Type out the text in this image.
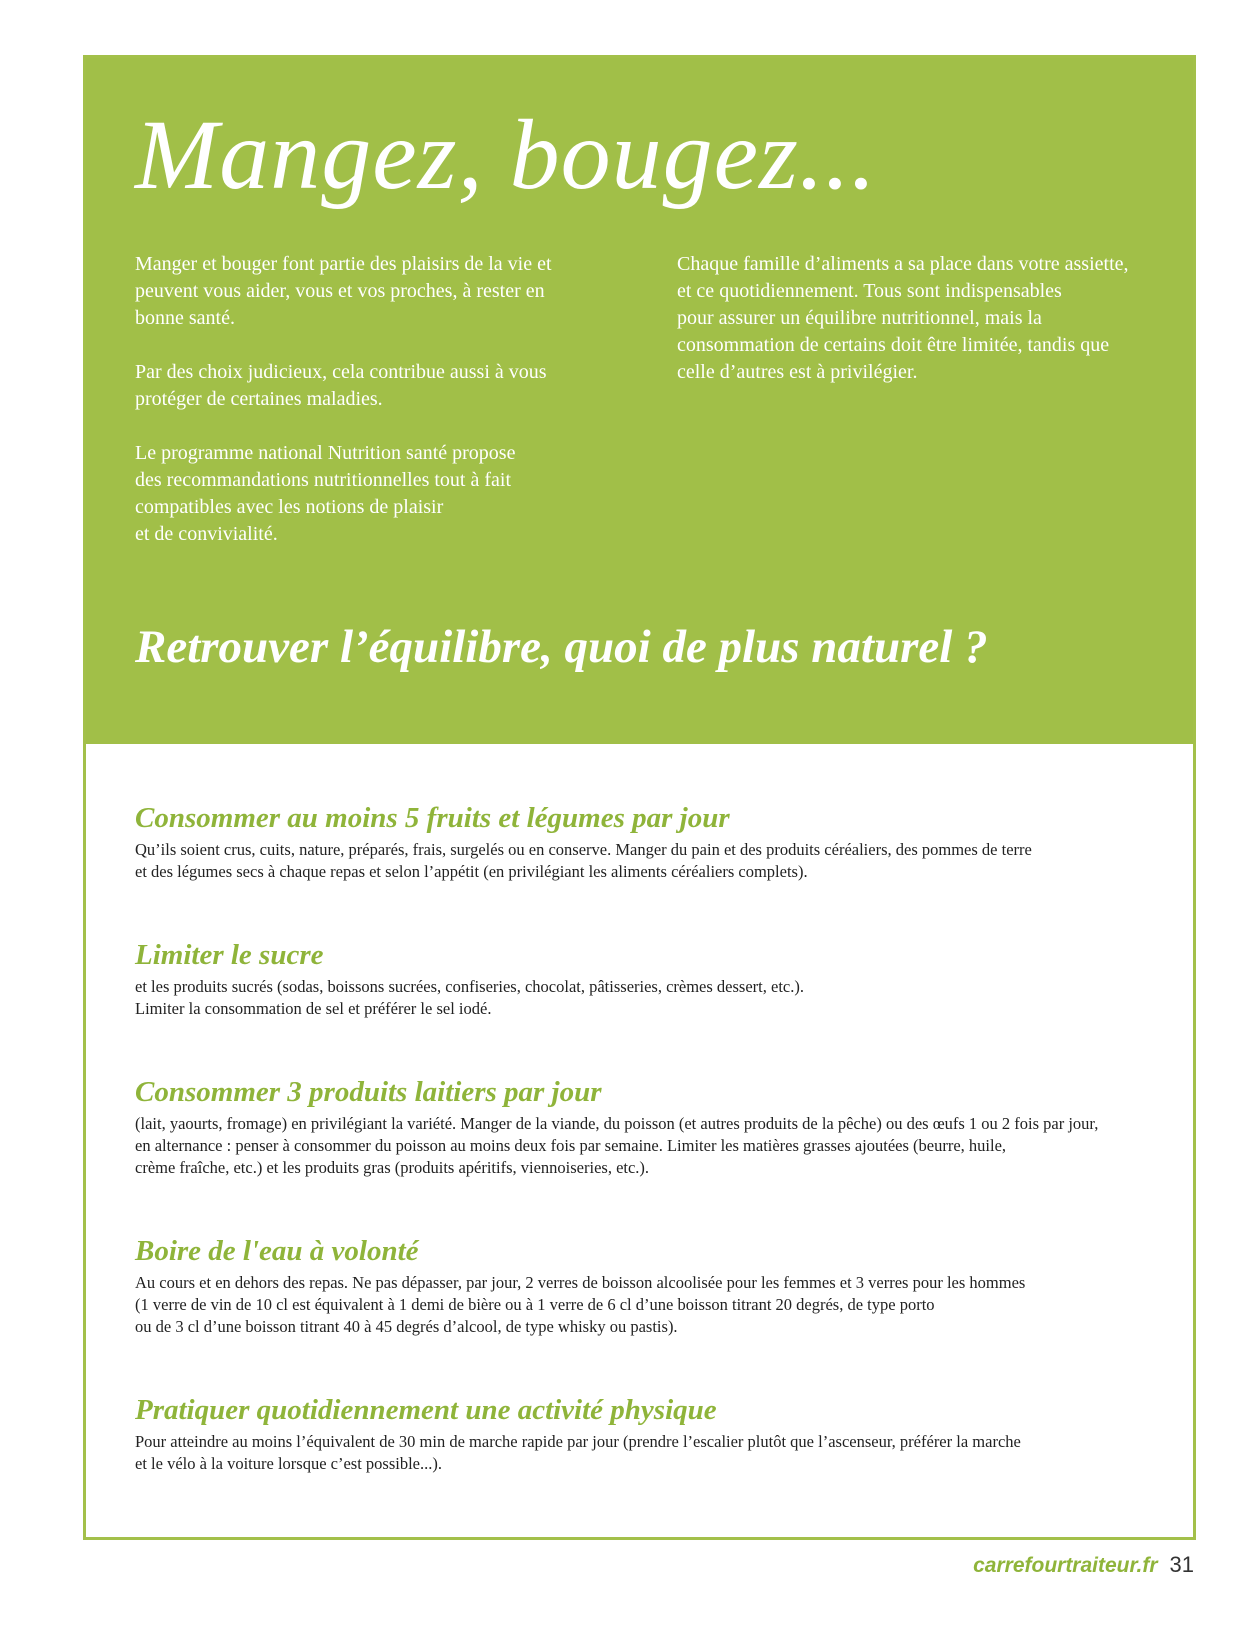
Mangez, bougez...

Manger et bouger font partie des plaisirs de la vie et
peuvent vous aider, vous et vos proches, à rester en
bonne santé.

Par des choix judicieux, cela contribue aussi à vous
protéger de certaines maladies.

Le programme national Nutrition santé propose
des recommandations nutritionnelles tout à fait
compatibles avec les notions de plaisir
et de convivialité.

Chaque famille d’aliments a sa place dans votre assiette,
et ce quotidiennement. Tous sont indispensables
pour assurer un équilibre nutritionnel, mais la
consommation de certains doit être limitée, tandis que
celle d’autres est à privilégier.

Retrouver l’équilibre, quoi de plus naturel ?
Consommer au moins 5 fruits et légumes par jour

Qu’ils soient crus, cuits, nature, préparés, frais, surgelés ou en conserve. Manger du pain et des produits céréaliers, des pommes de terre
et des légumes secs à chaque repas et selon l’appétit (en privilégiant les aliments céréaliers complets).

Limiter le sucre

et les produits sucrés (sodas, boissons sucrées, confiseries, chocolat, pâtisseries, crèmes dessert, etc.).
Limiter la consommation de sel et préférer le sel iodé.

Consommer 3 produits laitiers par jour

(lait, yaourts, fromage) en privilégiant la variété. Manger de la viande, du poisson (et autres produits de la pêche) ou des œufs 1 ou 2 fois par jour,
en alternance : penser à consommer du poisson au moins deux fois par semaine. Limiter les matières grasses ajoutées (beurre, huile,
crème fraîche, etc.) et les produits gras (produits apéritifs, viennoiseries, etc.).

Boire de l'eau à volonté

Au cours et en dehors des repas. Ne pas dépasser, par jour, 2 verres de boisson alcoolisée pour les femmes et 3 verres pour les hommes
(1 verre de vin de 10 cl est équivalent à 1 demi de bière ou à 1 verre de 6 cl d’une boisson titrant 20 degrés, de type porto
ou de 3 cl d’une boisson titrant 40 à 45 degrés d’alcool, de type whisky ou pastis).

Pratiquer quotidiennement une activité physique

Pour atteindre au moins l’équivalent de 30 min de marche rapide par jour (prendre l’escalier plutôt que l’ascenseur, préférer la marche
et le vélo à la voiture lorsque c’est possible...).

carrefourtraiteur.fr 31
